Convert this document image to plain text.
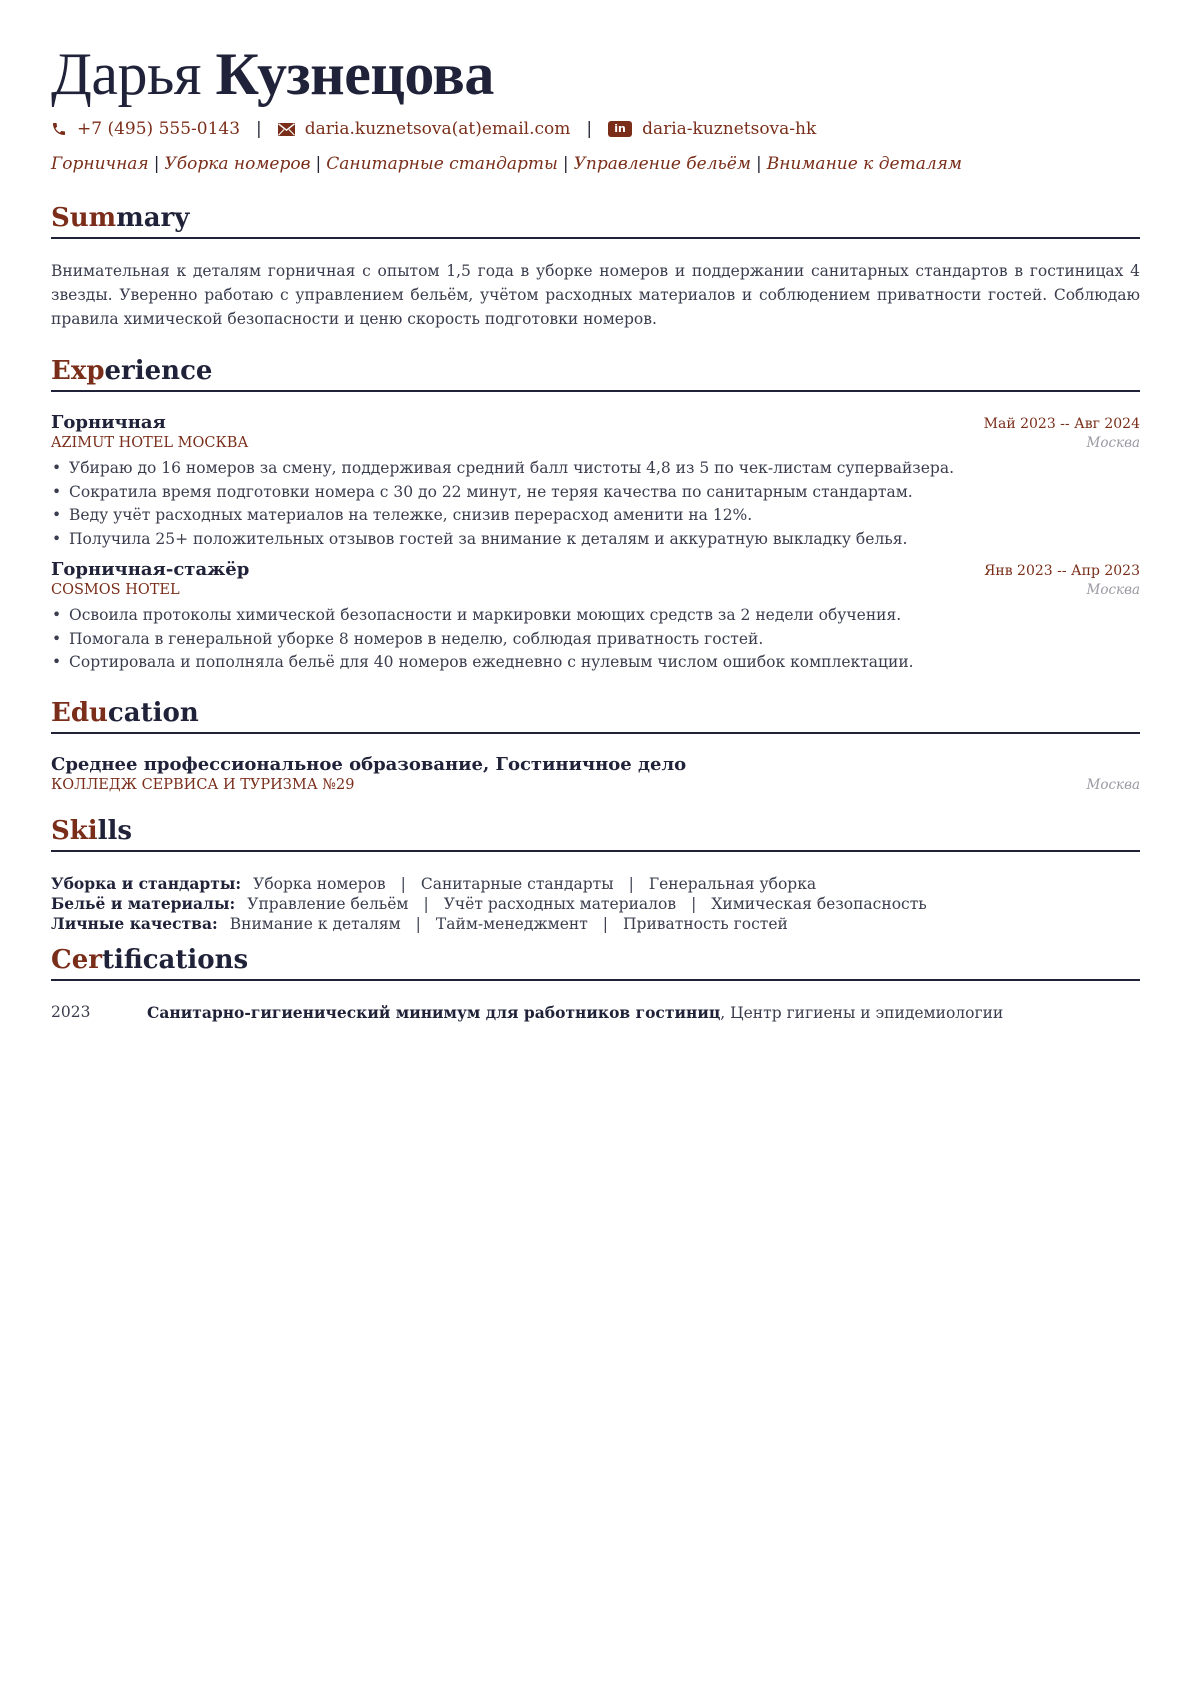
Дарья Кузнецова
+7 (495) 555-0143 |	daria.kuznetsova(at)email.com |	in daria-kuznetsova-hk
Горничная | Уборка номеров | Санитарные стандарты | Управление бельём | Внимание к деталям
Summary
Внимательная к деталям горничная с опытом 1,5 года в уборке номеров и поддержании санитарных стандартов в гостиницах 4 звезды. Уверенно работаю с управлением бельём, учётом расходных материалов и соблюдением приватности гостей. Соблюдаю правила химической безопасности и ценю скорость подготовки номеров.
Experience
Горничная	Май 2023 -- Авг 2024
AZIMUT HOTEL МОСКВА	Москва
• Убираю до 16 номеров за смену, поддерживая средний балл чистоты 4,8 из 5 по чек-листам супервайзера.
• Сократила время подготовки номера с 30 до 22 минут, не теряя качества по санитарным стандартам.
• Веду учёт расходных материалов на тележке, снизив перерасход аменити на 12%.
• Получила 25+ положительных отзывов гостей за внимание к деталям и аккуратную выкладку белья.
Горничная-стажёр	Янв 2023 -- Апр 2023
COSMOS HOTEL	Москва
• Освоила протоколы химической безопасности и маркировки моющих средств за 2 недели обучения.
• Помогала в генеральной уборке 8 номеров в неделю, соблюдая приватность гостей.
• Сортировала и пополняла бельё для 40 номеров ежедневно с нулевым числом ошибок комплектации.
Education
Среднее профессиональное образование, Гостиничное дело
КОЛЛЕДЖ СЕРВИСА И ТУРИЗМА №29	Москва
Skills
Уборка и стандарты: Уборка номеров | Санитарные стандарты | Генеральная уборка
Бельё и материалы: Управление бельём | Учёт расходных материалов | Химическая безопасность
Личные качества: Внимание к деталям | Тайм-менеджмент | Приватность гостей
Certifications
2023	Санитарно-гигиенический минимум для работников гостиниц, Центр гигиены и эпидемиологии
